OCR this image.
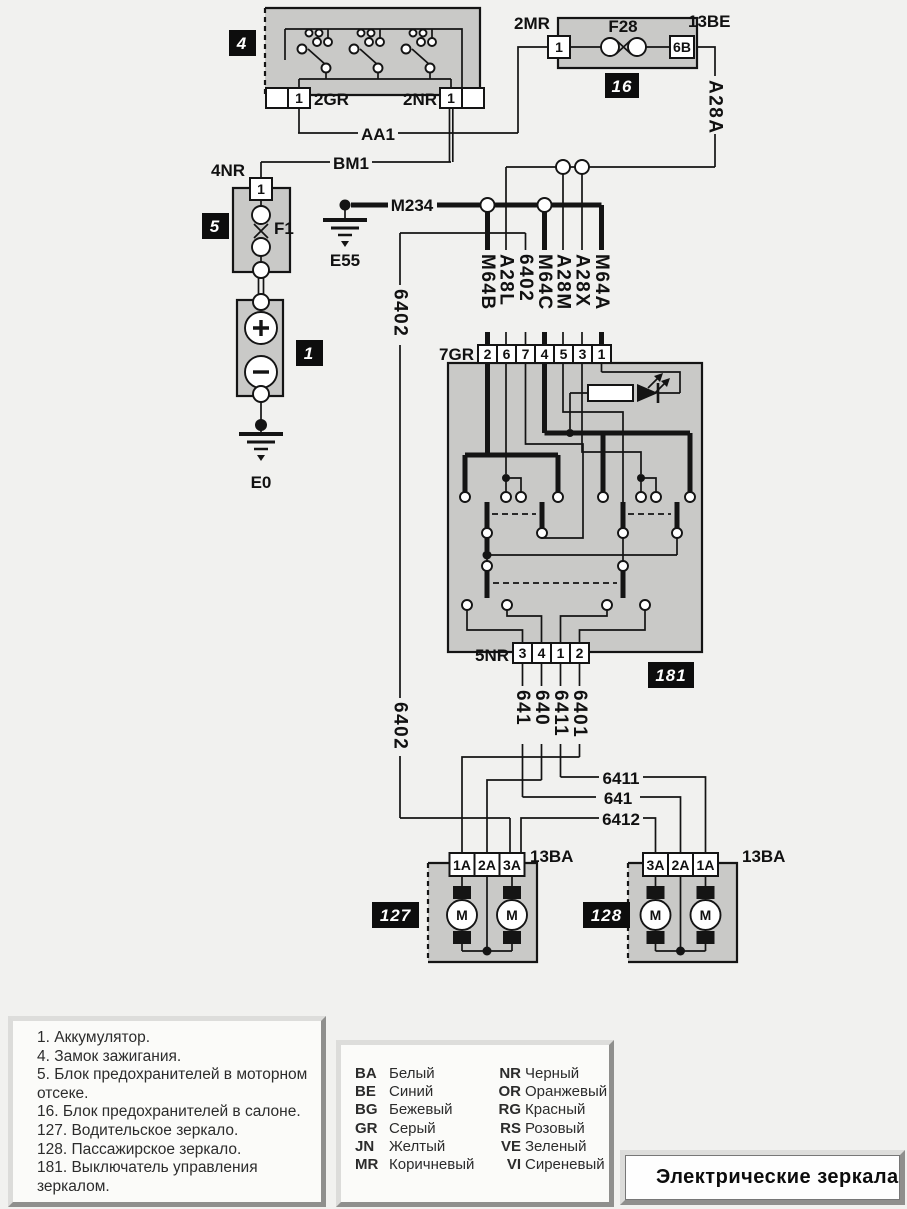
1	1
2GR	2NR
4
F28
1	6B
2MR	13BE
16
AA1
BM1
A28A
E55
M234
M64B
A28L
6402
M64C
A28M
A28X
M64A
6402
6402
1
4NR
F1
5
1
E0
7GR 2 6 7 4 5 3 1
5NR 3 4 1 2
181
641
640
6411
6401
6411
641
6412
1A 2A 3A 13BA
M	M
127
3A 2A 1A 13BA
M	M
128
1. Аккумулятор.
4. Замок зажигания.
5. Блок предохранителей в моторном отсеке.
16. Блок предохранителей в салоне.
127. Водительское зеркало.
128. Пассажирское зеркало.
181. Выключатель управления зеркалом.
BA Белый	NR Черный
BE Синий	OR Оранжевый
BG Бежевый	RG Красный
GR Серый	RS Розовый
JN Желтый	VE Зеленый
MR Коричневый	VI Сиреневый
Электрические зеркала
